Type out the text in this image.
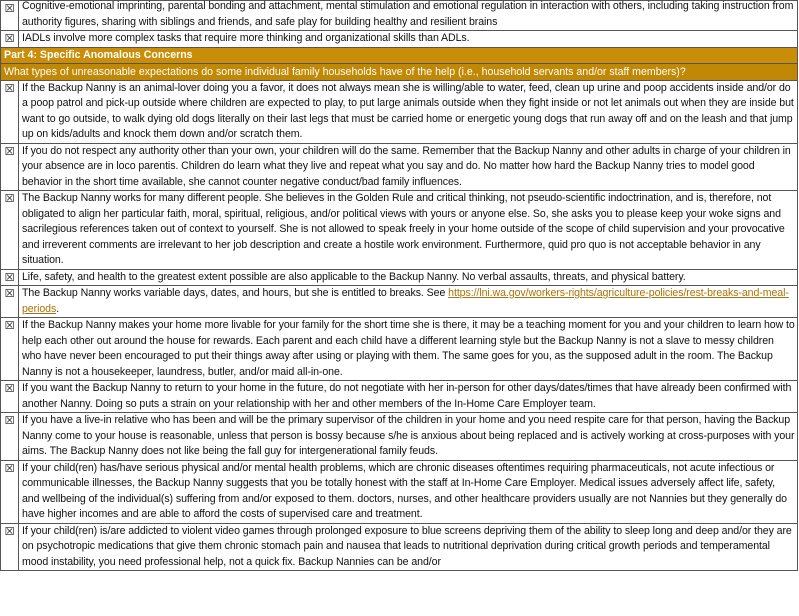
☒	Cognitive-emotional imprinting, parental bonding and attachment, mental stimulation and emotional regulation in interaction with others, including taking instruction from authority figures, sharing with siblings and friends, and safe play for building healthy and resilient brains

☒	IADLs involve more complex tasks that require more thinking and organizational skills than ADLs.
Part 4: Specific Anomalous Concerns	
What types of unreasonable expectations do some individual family households have of the help (i.e., household servants and/or staff members)?	
☒	If the Backup Nanny is an animal-lover doing you a favor, it does not always mean she is willing/able to water, feed, clean up urine and poop accidents inside and/or do a poop patrol and pick-up outside where children are expected to play, to put large animals outside when they fight inside or not let animals out when they are inside but want to go outside, to walk dying old dogs literally on their last legs that must be carried home or energetic young dogs that run away off and on the leash and that jump up on kids/adults and knock them down and/or scratch them.
☒	If you do not respect any authority other than your own, your children will do the same. Remember that the Backup Nanny and other adults in charge of your children in your absence are in loco parentis. Children do learn what they live and repeat what you say and do. No matter how hard the Backup Nanny tries to model good behavior in the short time available, she cannot counter negative conduct/bad family influences.
☒	The Backup Nanny works for many different people. She believes in the Golden Rule and critical thinking, not pseudo-scientific indoctrination, and is, therefore, not obligated to align her particular faith, moral, spiritual, religious, and/or political views with yours or anyone else. So, she asks you to please keep your woke signs and sacrilegious references taken out of context to yourself. She is not allowed to speak freely in your home outside of the scope of child supervision and your provocative and irreverent comments are irrelevant to her job description and create a hostile work environment. Furthermore, quid pro quo is not acceptable behavior in any situation.
☒	Life, safety, and health to the greatest extent possible are also applicable to the Backup Nanny. No verbal assaults, threats, and physical battery.
☒	The Backup Nanny works variable days, dates, and hours, but she is entitled to breaks. See https://lni.wa.gov/workers-rights/agriculture-policies/rest-breaks-and-meal-periods.
☒	If the Backup Nanny makes your home more livable for your family for the short time she is there, it may be a teaching moment for you and your children to learn how to help each other out around the house for rewards. Each parent and each child have a different learning style but the Backup Nanny is not a slave to messy children who have never been encouraged to put their things away after using or playing with them. The same goes for you, as the supposed adult in the room. The Backup Nanny is not a housekeeper, laundress, butler, and/or maid all-in-one.
☒	If you want the Backup Nanny to return to your home in the future, do not negotiate with her in-person for other days/dates/times that have already been confirmed with another Nanny. Doing so puts a strain on your relationship with her and other members of the In-Home Care Employer team.
☒	If you have a live-in relative who has been and will be the primary supervisor of the children in your home and you need respite care for that person, having the Backup Nanny come to your house is reasonable, unless that person is bossy because s/he is anxious about being replaced and is actively working at cross-purposes with your aims. The Backup Nanny does not like being the fall guy for intergenerational family feuds.
☒	If your child(ren) has/have serious physical and/or mental health problems, which are chronic diseases oftentimes requiring pharmaceuticals, not acute infectious or communicable illnesses, the Backup Nanny suggests that you be totally honest with the staff at In-Home Care Employer. Medical issues adversely affect life, safety, and wellbeing of the individual(s) suffering from and/or exposed to them. doctors, nurses, and other healthcare providers usually are not Nannies but they generally do have higher incomes and are able to afford the costs of supervised care and treatment.
☒	If your child(ren) is/are addicted to violent video games through prolonged exposure to blue screens depriving them of the ability to sleep long and deep and/or they are on psychotropic medications that give them chronic stomach pain and nausea that leads to nutritional deprivation during critical growth periods and temperamental mood instability, you need professional help, not a quick fix. Backup Nannies can be and/or
